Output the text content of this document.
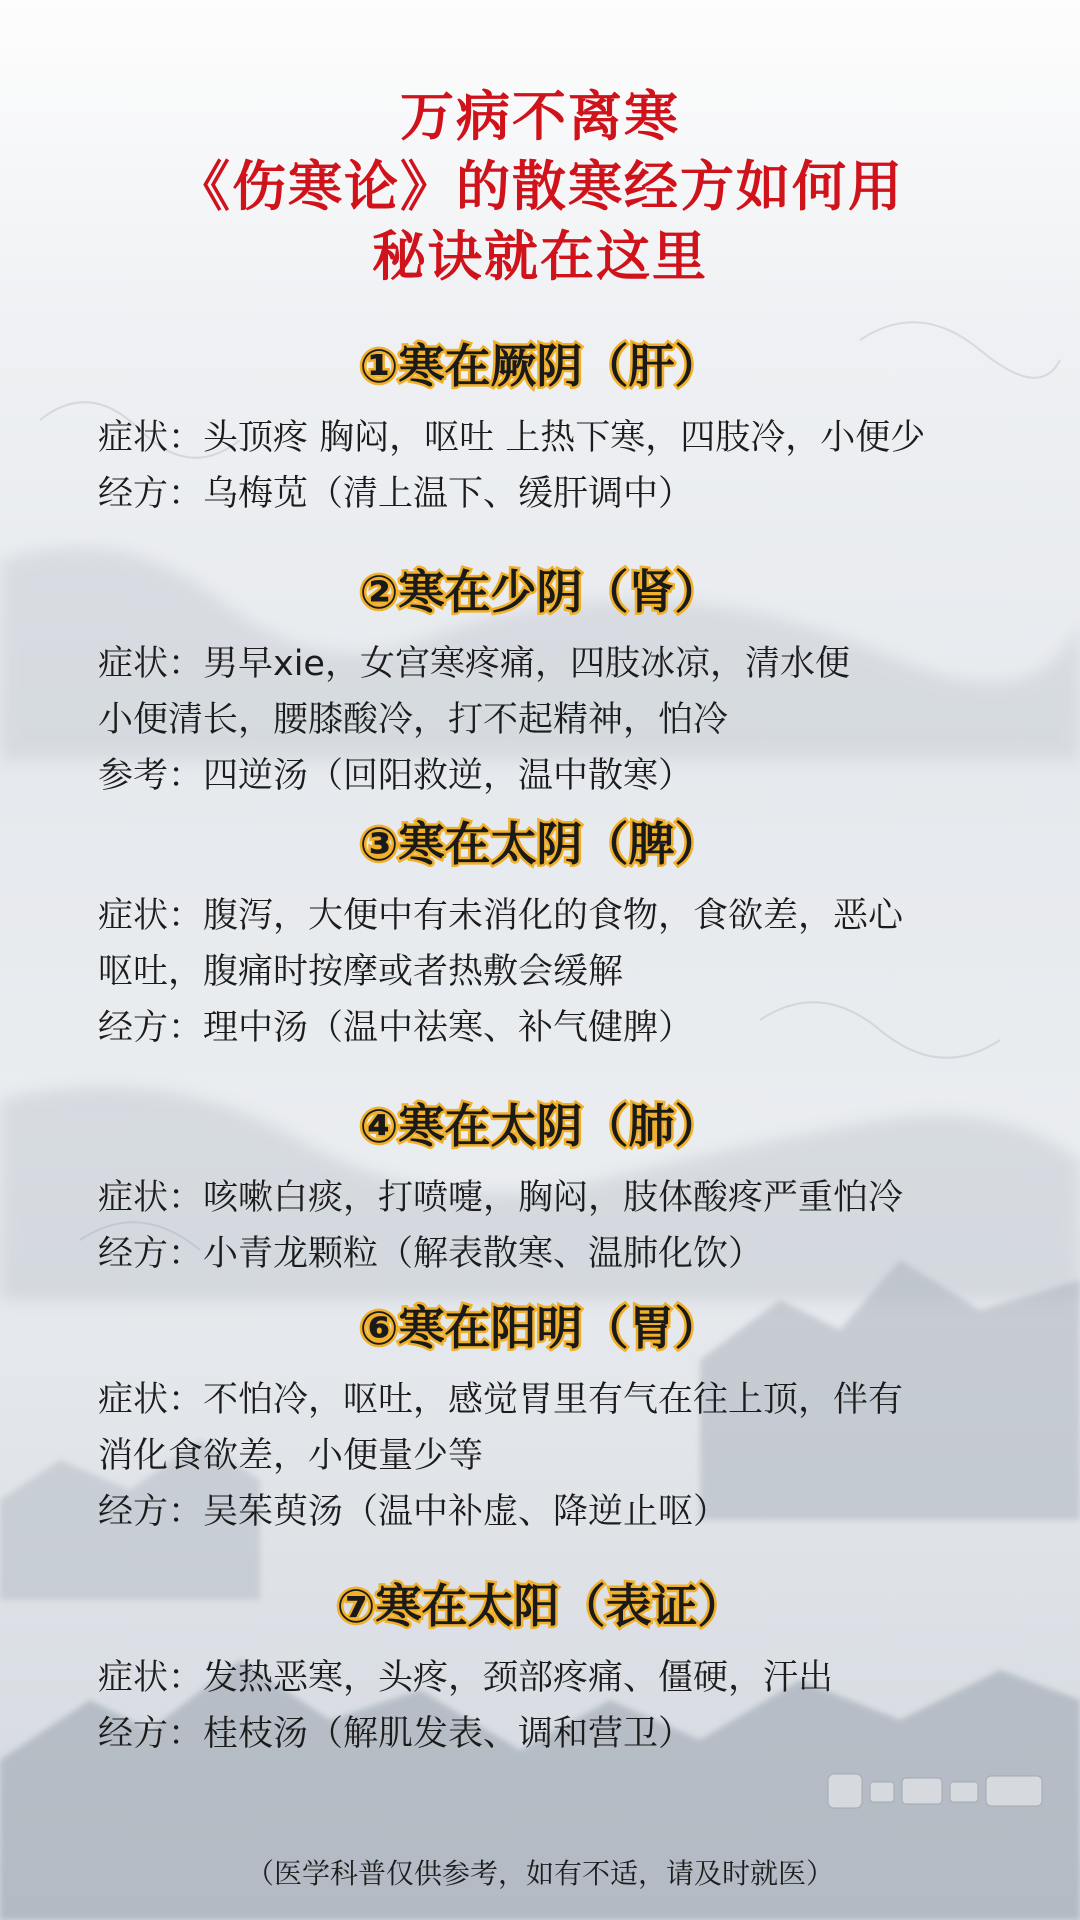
万病不离寒
《伤寒论》的散寒经方如何用
秘诀就在这里
①寒在厥阴（肝）
症状：头顶疼 胸闷，呕吐 上热下寒，四肢冷，小便少
经方：乌梅苋（清上温下、缓肝调中）
②寒在少阴（肾）
症状：男早xie，女宫寒疼痛，四肢冰凉，清水便
小便清长，腰膝酸冷，打不起精神，怕冷
参考：四逆汤（回阳救逆，温中散寒）
③寒在太阴（脾）
症状：腹泻，大便中有未消化的食物，食欲差，恶心
呕吐，腹痛时按摩或者热敷会缓解
经方：理中汤（温中祛寒、补气健脾）
④寒在太阴（肺）
症状：咳嗽白痰，打喷嚏，胸闷，肢体酸疼严重怕冷
经方：小青龙颗粒（解表散寒、温肺化饮）
⑥寒在阳明（胃）
症状：不怕冷，呕吐，感觉胃里有气在往上顶，伴有
消化食欲差，小便量少等
经方：吴茱萸汤（温中补虚、降逆止呕）
⑦寒在太阳（表证）
症状：发热恶寒，头疼，颈部疼痛、僵硬，汗出
经方：桂枝汤（解肌发表、调和营卫）
（医学科普仅供参考，如有不适，请及时就医）
